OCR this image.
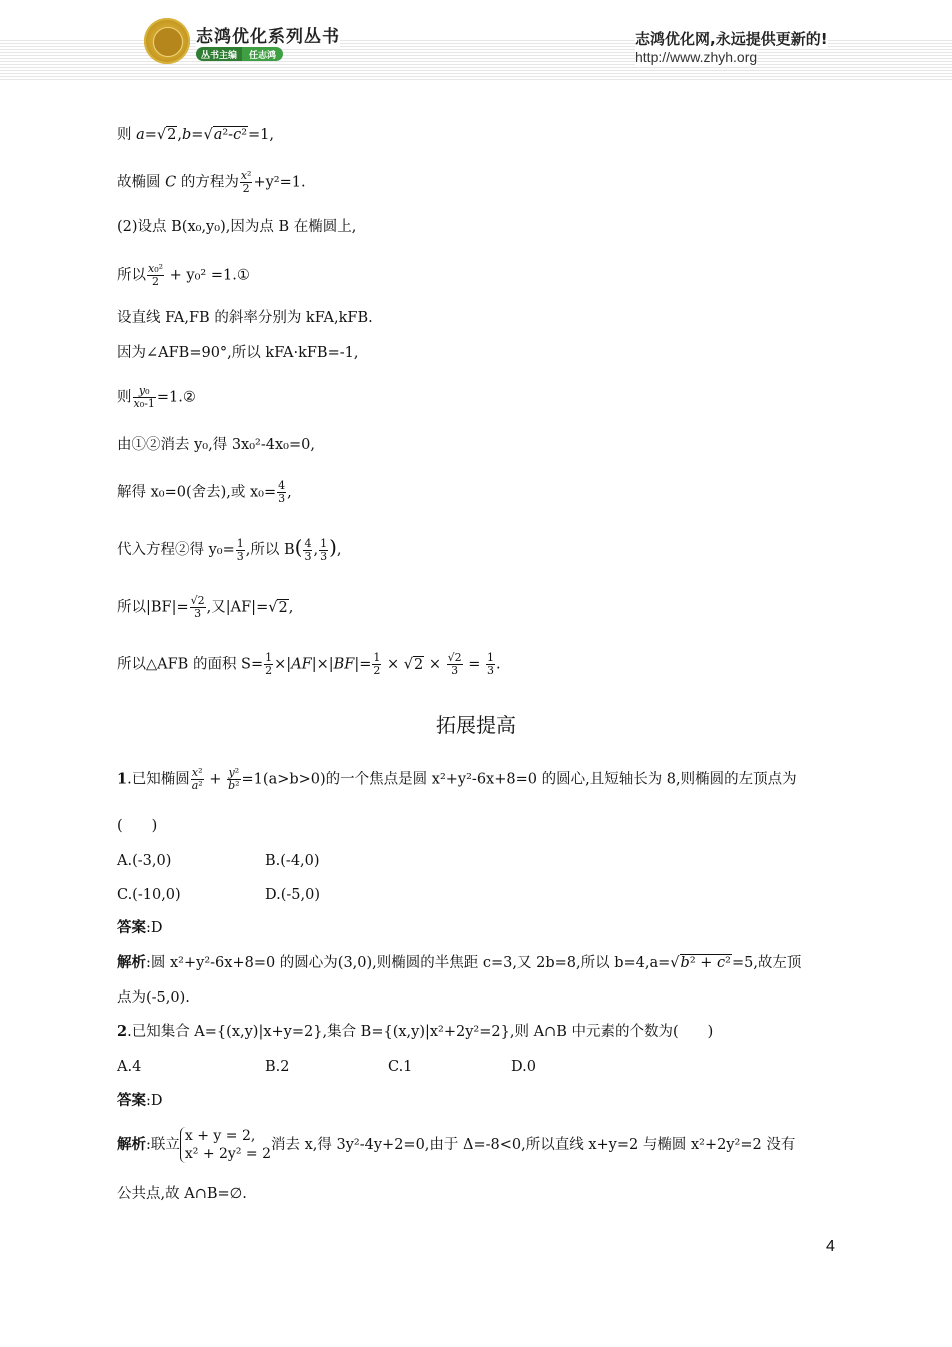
志鸿优化系列丛书
丛书主编	任志鸿
志鸿优化网,永远提供更新的!
http://www.zhyh.org
则 a=√2,b=√a²-c²=1,
故椭圆 C 的方程为 $\frac{\text{x²}}{2} +y^2=1$.
(2)设点 B(x₀,y₀),因为点 B 在椭圆上,
所以 $\frac{\text{x₀²}}{2} + y_0^2$ =1.①
设直线 FA,FB 的斜率分别为 kFA,kFB.
因为∠AFB=90°,所以 kFA·kFB=-1,
则 $\frac{\text{y₀}}{\text{x₀-1}}$ =1.②
由①②消去 y₀,得 3x₀²-4x₀=0,
解得 x₀=0(舍去),或 $x_0= \frac{4}{3}$ ,
代入方程②得 $y_0= \frac{1}{3}$ ,所以 $B( \frac{4}{3}$ , $\frac{1}{3}$ ),
所以$|BF|= \frac{√2}{3}$ ,又|AF|=√2,
所以△AFB 的面积 $S= \frac{1}{2} \times|AF|\times|BF|= \frac{1}{2} \times √2 \times \frac{√2}{3} = \frac{1}{3}$ .
拓展提高
1.已知椭圆 $\frac{\text{x²}}{\text{a²}} + \frac{\text{y²}}{\text{b²}} =1(a>b>0)$的一个焦点是圆 x²+y²-6x+8=0 的圆心,且短轴长为 8,则椭圆的左顶点为
(　　)
A.(-3,0)	B.(-4,0)
C.(-10,0)	D.(-5,0)
答案:D
解析:圆 x²+y²-6x+8=0 的圆心为(3,0),则椭圆的半焦距 c=3,又 2b=8,所以 b=4,a=√b² + c²=5,故左顶
点为(-5,0).
2.已知集合 A={(x,y)|x+y=2},集合 B={(x,y)|x²+2y²=2},则 A∩B 中元素的个数为(　　)
A.4	B.2	C.1	D.0
答案:D
解析:联立
x + y = 2,
x² + 2y² = 2
消去 x,得 3y²-4y+2=0,由于 Δ=-8<0,所以直线 x+y=2 与椭圆 x²+2y²=2 没有
公共点,故 A∩B=∅.
4
